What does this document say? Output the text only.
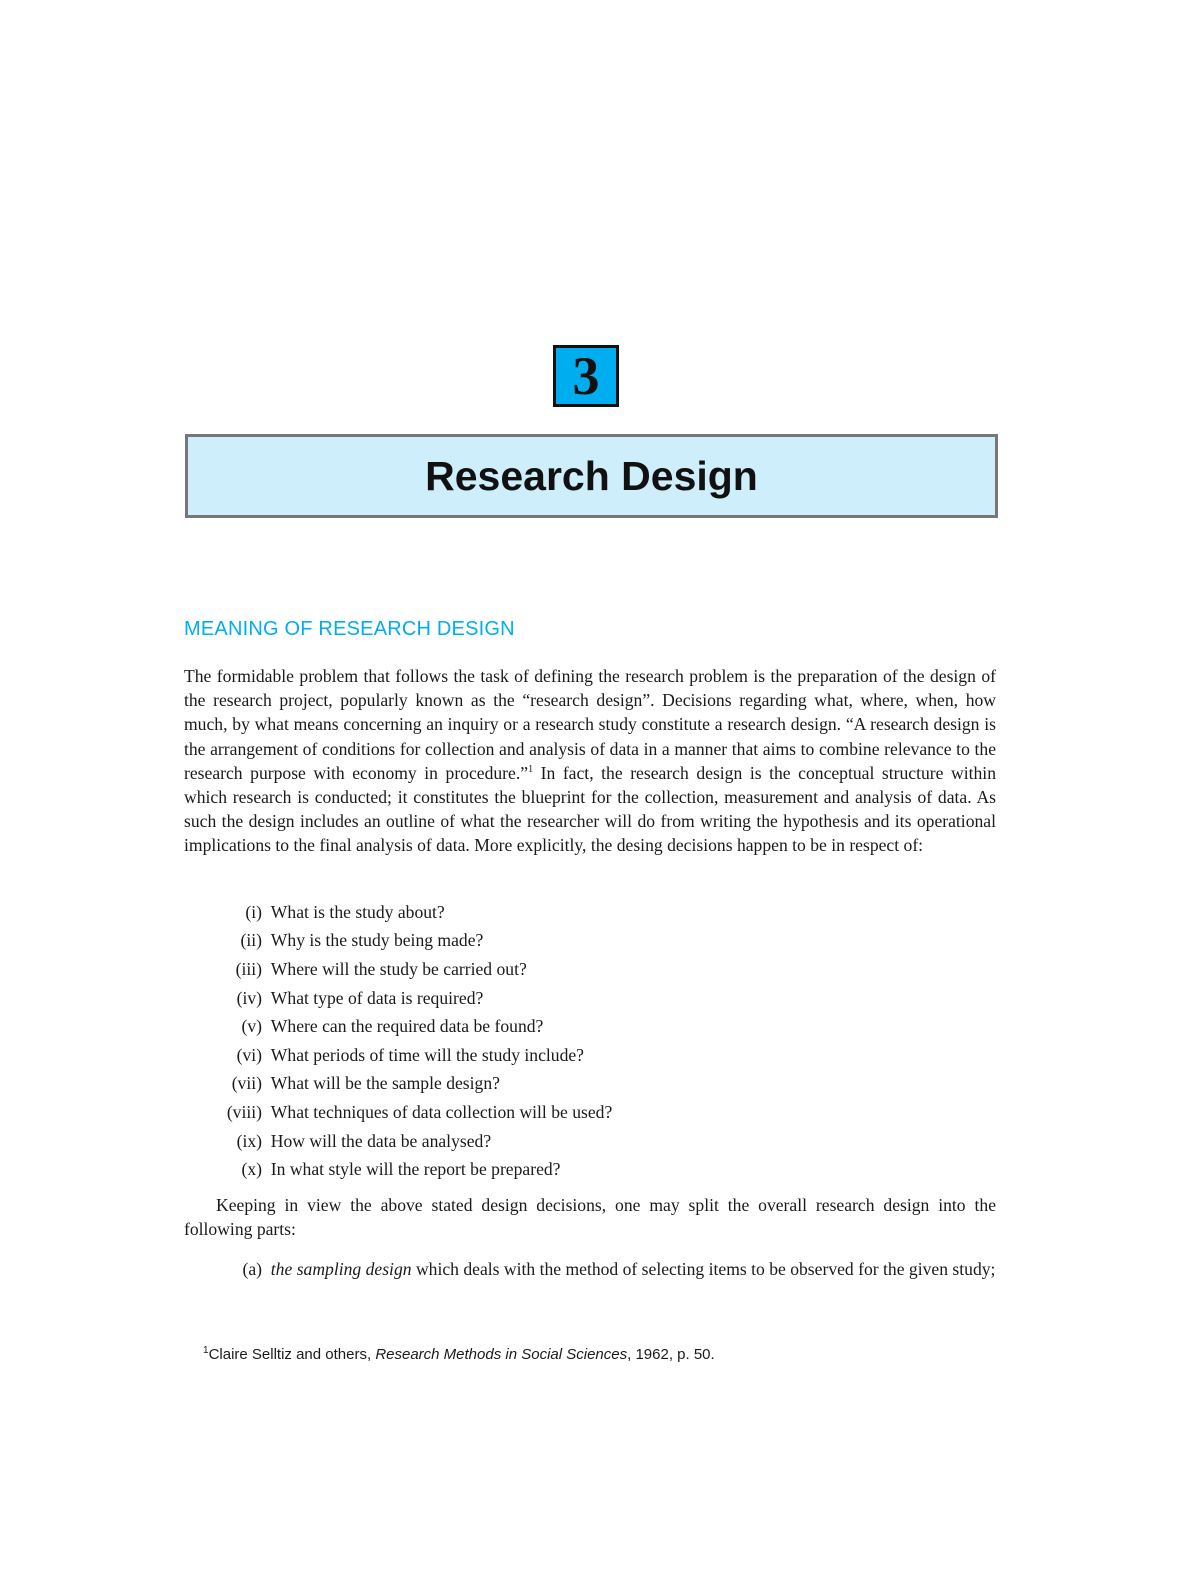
3
Research Design
MEANING OF RESEARCH DESIGN

The formidable problem that follows the task of defining the research problem is the preparation of the design of the research project, popularly known as the “research design”. Decisions regarding what, where, when, how much, by what means concerning an inquiry or a research study constitute a research design. “A research design is the arrangement of conditions for collection and analysis of data in a manner that aims to combine relevance to the research purpose with economy in procedure.”$^1$ In fact, the research design is the conceptual structure within which research is conducted; it constitutes the blueprint for the collection, measurement and analysis of data. As such the design includes an outline of what the researcher will do from writing the hypothesis and its operational implications to the final analysis of data. More explicitly, the desing decisions happen to be in respect of:

(i)
What is the study about?
(ii)
Why is the study being made?
(iii)
Where will the study be carried out?
(iv)
What type of data is required?
(v)
Where can the required data be found?
(vi)
What periods of time will the study include?
(vii)
What will be the sample design?
(viii)
What techniques of data collection will be used?
(ix)
How will the data be analysed?
(x)
In what style will the report be prepared?

Keeping in view the above stated design decisions, one may split the overall research design into the following parts:

(a) the sampling design which deals with the method of selecting items to be observed for the given study;
$^1$Claire Selltiz and others, Research Methods in Social Sciences, 1962, p. 50.
